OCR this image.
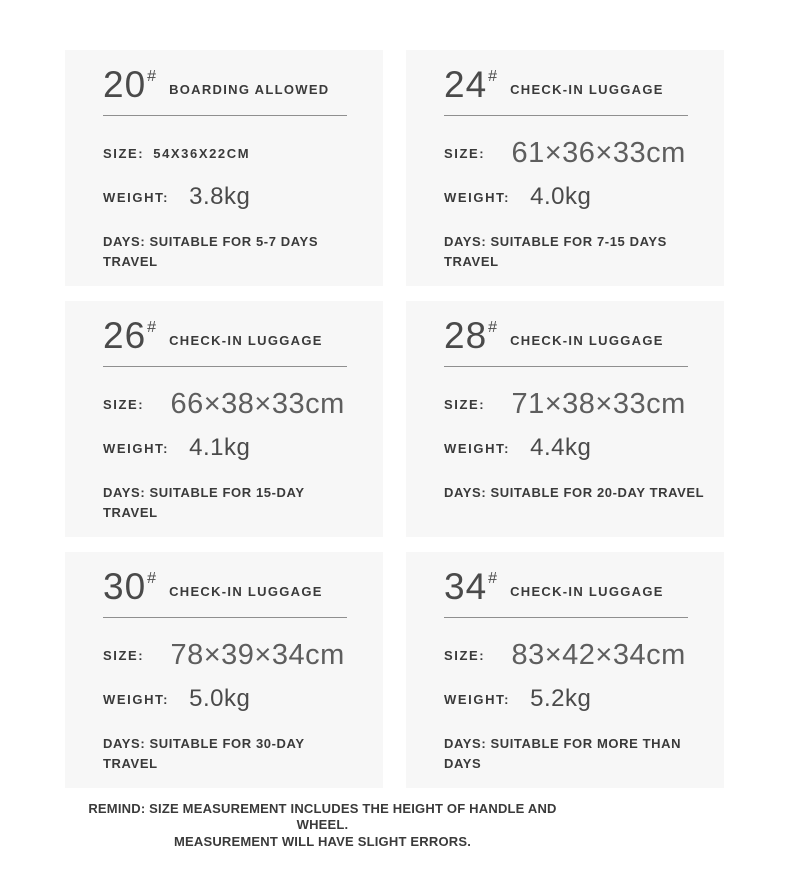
20 #
BOARDING ALLOWED
SIZE: 54X36X22CM
WEIGHT: 3.8kg
DAYS: SUITABLE FOR 5-7 DAYS TRAVEL
24 #
CHECK-IN LUGGAGE
SIZE: 61×36×33cm
WEIGHT: 4.0kg
DAYS: SUITABLE FOR 7-15 DAYS TRAVEL
26 #
CHECK-IN LUGGAGE
SIZE: 66×38×33cm
WEIGHT: 4.1kg
DAYS: SUITABLE FOR 15-DAY TRAVEL
28 #
CHECK-IN LUGGAGE
SIZE: 71×38×33cm
WEIGHT: 4.4kg
DAYS: SUITABLE FOR 20-DAY TRAVEL
30 #
CHECK-IN LUGGAGE
SIZE: 78×39×34cm
WEIGHT: 5.0kg
DAYS: SUITABLE FOR 30-DAY TRAVEL
34 #
CHECK-IN LUGGAGE
SIZE: 83×42×34cm
WEIGHT: 5.2kg
DAYS: SUITABLE FOR MORE THAN DAYS
REMIND: SIZE MEASUREMENT INCLUDES THE HEIGHT OF HANDLE AND WHEEL.
MEASUREMENT WILL HAVE SLIGHT ERRORS.
